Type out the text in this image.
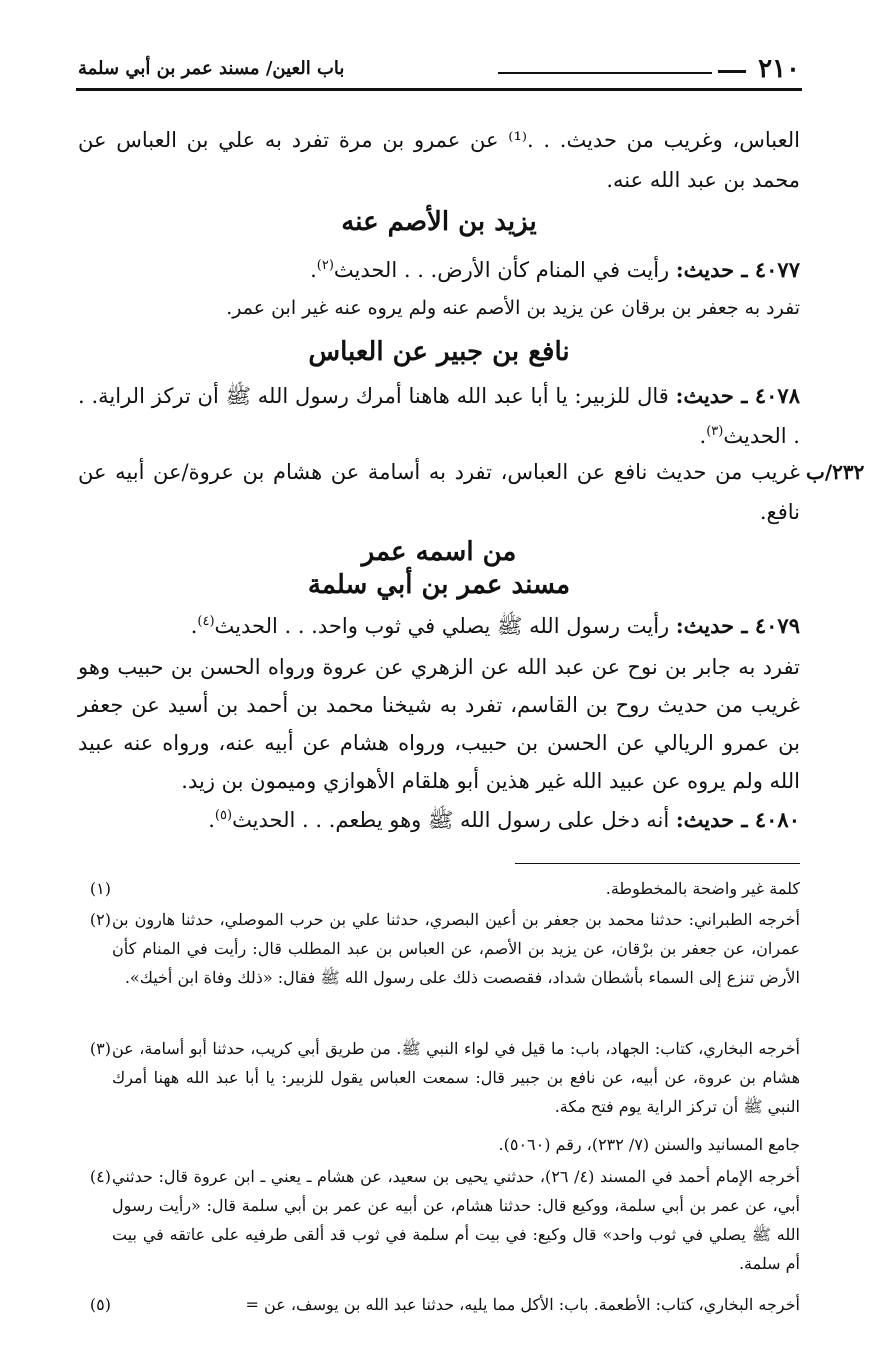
٢١٠
باب العين/ مسند عمر بن أبي سلمة
العباس، وغريب من حديث. . .⁽¹⁾ عن عمرو بن مرة تفرد به علي بن العباس عن محمد بن عبد الله عنه.
يزيد بن الأصم عنه
٤٠٧٧ ـ حديث: رأيت في المنام كأن الأرض. . . الحديث$^{(٢)}$.
تفرد به جعفر بن برقان عن يزيد بن الأصم عنه ولم يروه عنه غير ابن عمر.
نافع بن جبير عن العباس
٤٠٧٨ ـ حديث: قال للزبير: يا أبا عبد الله هاهنا أمرك رسول الله ﷺ أن تركز الراية. . . الحديث$^{(٣)}$.
٢٣٢/ب
غريب من حديث نافع عن العباس، تفرد به أسامة عن هشام بن عروة/عن أبيه عن نافع.
من اسمه عمر
مسند عمر بن أبي سلمة
٤٠٧٩ ـ حديث: رأيت رسول الله ﷺ يصلي في ثوب واحد. . . الحديث$^{(٤)}$.
تفرد به جابر بن نوح عن عبد الله عن الزهري عن عروة ورواه الحسن بن حبيب وهو غريب من حديث روح بن القاسم، تفرد به شيخنا محمد بن أحمد بن أسيد عن جعفر بن عمرو الريالي عن الحسن بن حبيب، ورواه هشام عن أبيه عنه، ورواه عنه عبيد الله ولم يروه عن عبيد الله غير هذين أبو هلقام الأهوازي وميمون بن زيد.
٤٠٨٠ ـ حديث: أنه دخل على رسول الله ﷺ وهو يطعم. . . الحديث$^{(٥)}$.
(١)	كلمة غير واضحة بالمخطوطة.
(٢) أخرجه الطبراني: حدثنا محمد بن جعفر بن أعين البصري، حدثنا علي بن حرب الموصلي، حدثنا هارون بن عمران، عن جعفر بن برْقان، عن يزيد بن الأصم، عن العباس بن عبد المطلب قال: رأيت في المنام كأن الأرض تنزع إلى السماء بأشطان شداد، فقصصت ذلك على رسول الله ﷺ فقال: «ذلك وفاة ابن أخيك».
(٣) أخرجه البخاري، كتاب: الجهاد، باب: ما قيل في لواء النبي ﷺ. من طريق أبي كريب، حدثنا أبو أسامة، عن هشام بن عروة، عن أبيه، عن نافع بن جبير قال: سمعت العباس يقول للزبير: يا أبا عبد الله ههنا أمرك النبي ﷺ أن تركز الراية يوم فتح مكة.
جامع المسانيد والسنن (٧/ ٢٣٢)، رقم (٥٠٦٠).
(٤) أخرجه الإمام أحمد في المسند (٤/ ٢٦)، حدثني يحيى بن سعيد، عن هشام ـ يعني ـ ابن عروة قال: حدثني أبي، عن عمر بن أبي سلمة، ووكيع قال: حدثنا هشام، عن أبيه عن عمر بن أبي سلمة قال: «رأيت رسول الله ﷺ يصلي في ثوب واحد» قال وكيع: في بيت أم سلمة في ثوب قد ألقى طرفيه على عاتقه في بيت أم سلمة.
(٥)	أخرجه البخاري، كتاب: الأطعمة. باب: الأكل مما يليه، حدثنا عبد الله بن يوسف، عن =
